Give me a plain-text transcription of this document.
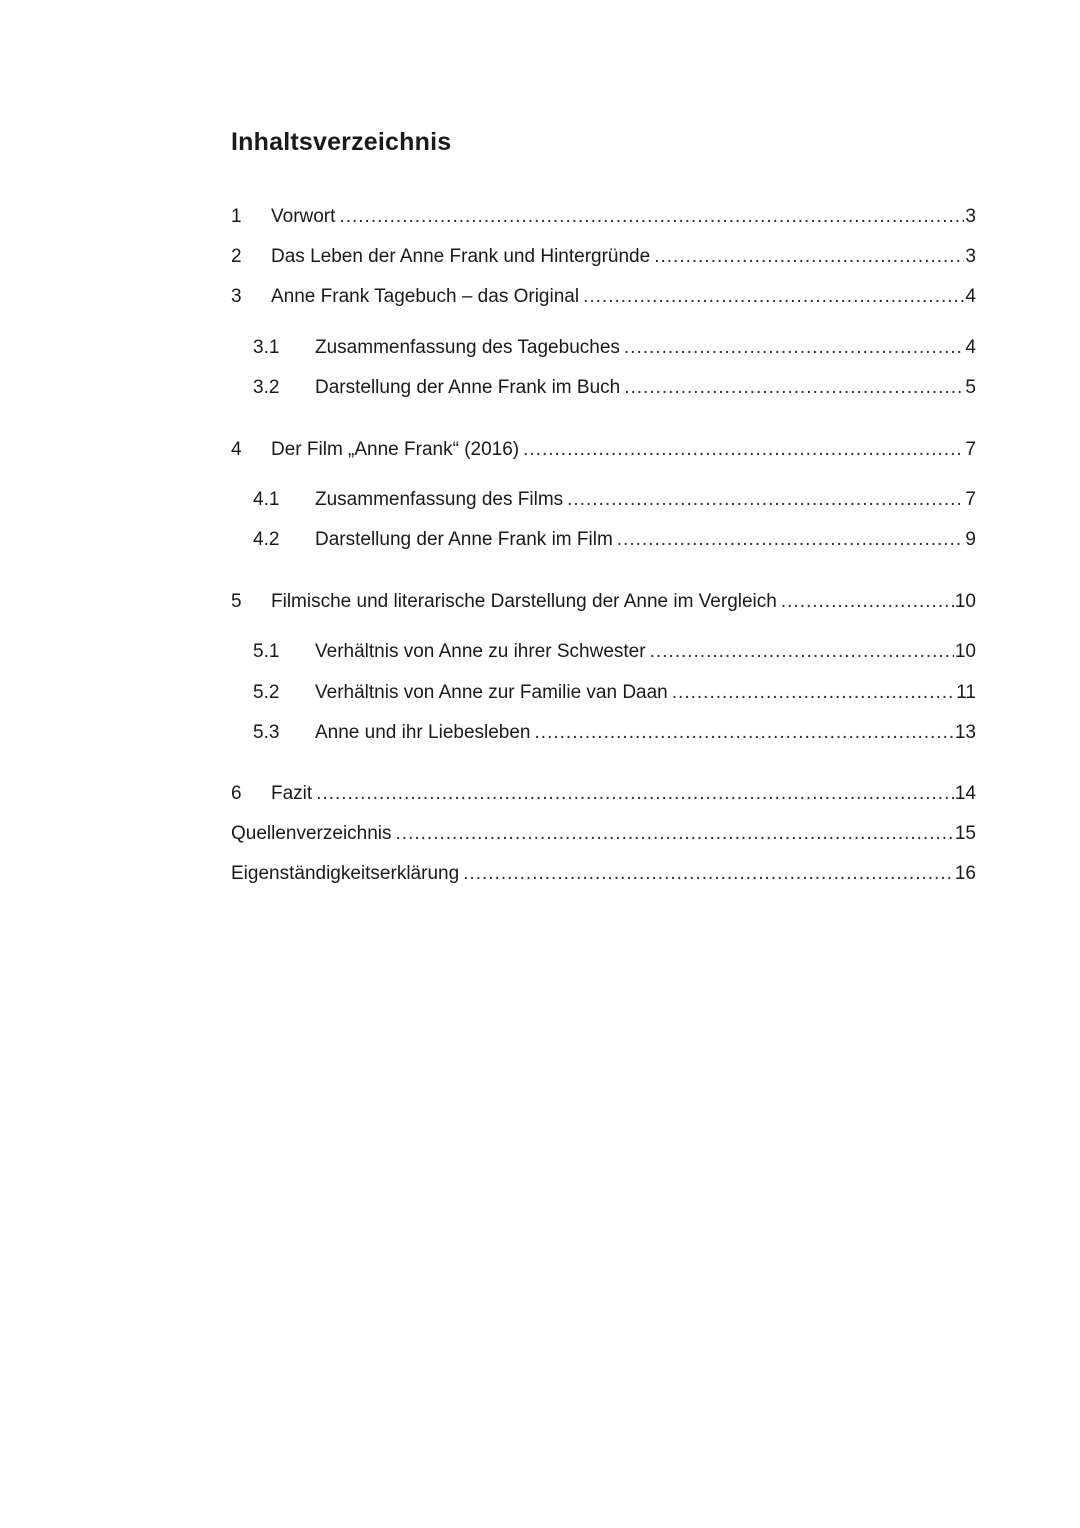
Inhaltsverzeichnis
1	Vorwort .....	3
2	Das Leben der Anne Frank und Hintergründe .....	3
3	Anne Frank Tagebuch – das Original .....	4
3.1	Zusammenfassung des Tagebuches .....	4
3.2	Darstellung der Anne Frank im Buch .....	5
4	Der Film „Anne Frank“ (2016) .....	7
4.1	Zusammenfassung des Films .....	7
4.2	Darstellung der Anne Frank im Film .....	9
5	Filmische und literarische Darstellung der Anne im Vergleich .....	10
5.1	Verhältnis von Anne zu ihrer Schwester .....	10
5.2	Verhältnis von Anne zur Familie van Daan .....	11
5.3	Anne und ihr Liebesleben .....	13
6	Fazit .....	14
Quellenverzeichnis .....	15
Eigenständigkeitserklärung .....	16
